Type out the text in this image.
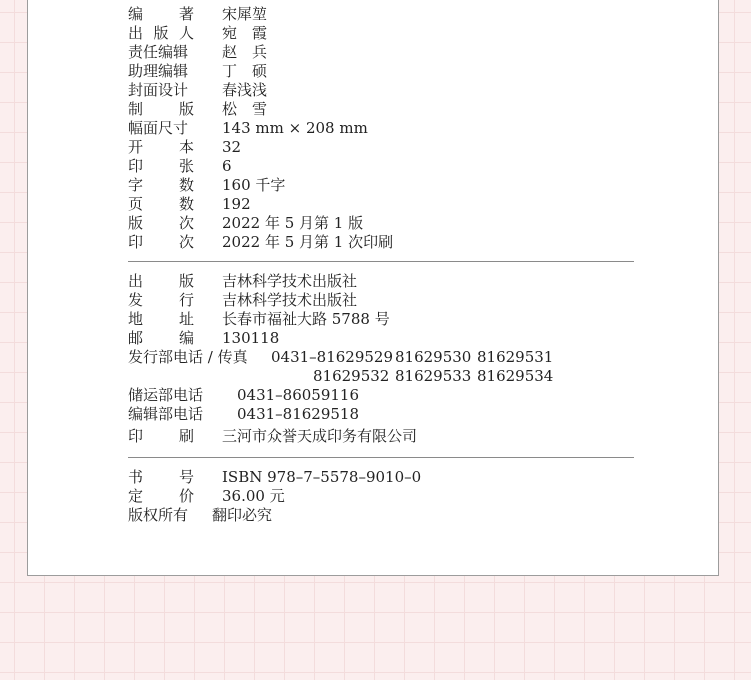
编　著 宋犀堃
出版人 宛　霞
责任编辑 赵　兵
助理编辑 丁　硕
封面设计 春浅浅
制　版 松　雪
幅面尺寸 143 mm × 208 mm
开　本 32
印　张 6
字　数 160 千字
页　数 192
版　次 2022 年 5 月第 1 版
印　次 2022 年 5 月第 1 次印刷
出　版 吉林科学技术出版社
发　行 吉林科学技术出版社
地　址 长春市福祉大路 5788 号
邮　编 130118
发行部电话 / 传真 0431–81629529 81629530 81629531
81629532 81629533 81629534
储运部电话 0431–86059116
编辑部电话 0431–81629518
印　刷 三河市众誉天成印务有限公司
书　号 ISBN 978–7–5578–9010–0
定　价 36.00 元
版权所有 翻印必究
